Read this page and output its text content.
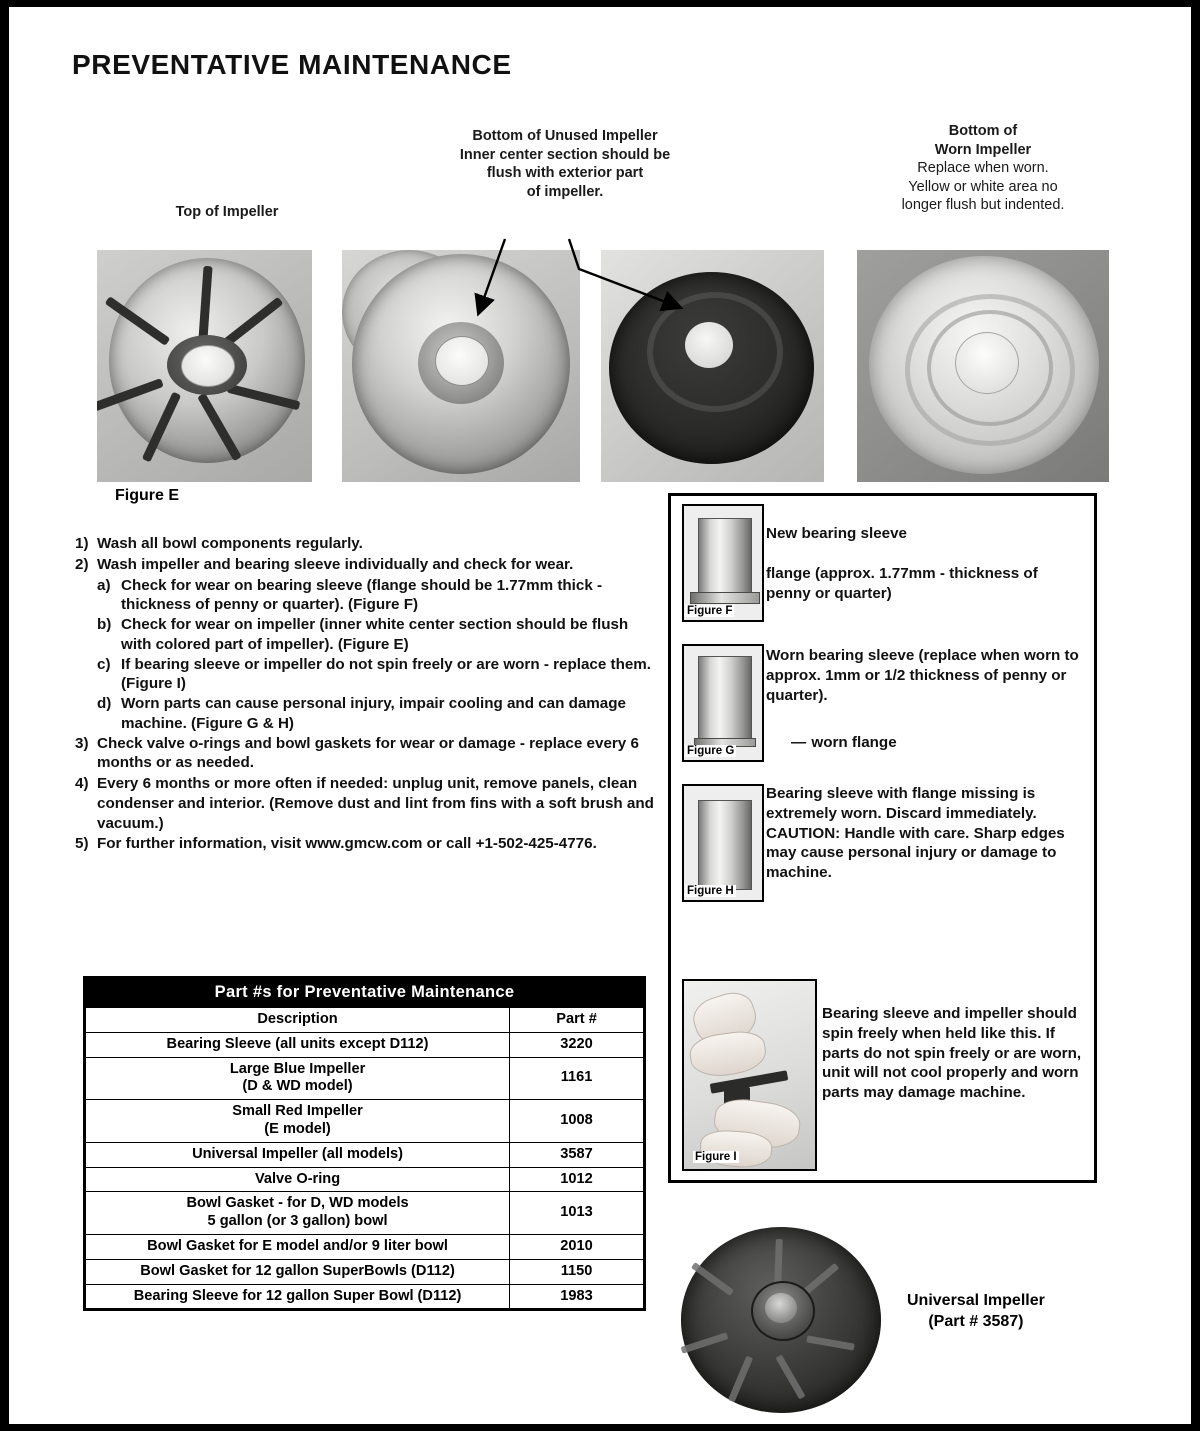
PREVENTATIVE MAINTENANCE
Top of Impeller
Bottom of Unused Impeller
Inner center section should be
flush with exterior part
of impeller.
Bottom of
Worn Impeller
Replace when worn.
Yellow or white area no
longer flush but indented.
Figure E
1) Wash all bowl components regularly.
2) Wash impeller and bearing sleeve individually and check for wear.
a) Check for wear on bearing sleeve (flange should be 1.77mm thick - thickness of penny or quarter). (Figure F)
b) Check for wear on impeller (inner white center section should be flush with colored part of impeller). (Figure E)
c) If bearing sleeve or impeller do not spin freely or are worn - replace them. (Figure I)
d) Worn parts can cause personal injury, impair cooling and can damage machine. (Figure G & H)
3) Check valve o-rings and bowl gaskets for wear or damage - replace every 6 months or as needed.
4) Every 6 months or more often if needed: unplug unit, remove panels, clean condenser and interior. (Remove dust and lint from fins with a soft brush and vacuum.)
5) For further information, visit www.gmcw.com or call +1-502-425-4776.
Figure F
New bearing sleeve
flange (approx. 1.77mm - thickness of penny or quarter)
Figure G
Worn bearing sleeve (replace when worn to approx. 1mm or 1/2 thickness of penny or quarter).
— worn flange
Figure H
Bearing sleeve with flange missing is extremely worn. Discard immediately.
CAUTION: Handle with care. Sharp edges may cause personal injury or damage to machine.
Figure I
Bearing sleeve and impeller should spin freely when held like this. If parts do not spin freely or are worn, unit will not cool properly and worn parts may damage machine.
Part #s for Preventative Maintenance
Description	Part #
Bearing Sleeve (all units except D112)	3220

Large Blue Impeller
(D & WD model)	1161

Small Red Impeller
(E model)	1008
Universal Impeller (all models)	3587
Valve O-ring	1012

Bowl Gasket - for D, WD models
5 gallon (or 3 gallon) bowl	1013
Bowl Gasket for E model and/or 9 liter bowl	2010
Bowl Gasket for 12 gallon SuperBowls (D112)	1150
Bearing Sleeve for 12 gallon Super Bowl (D112)	1983	Universal Impeller
(Part # 3587)
